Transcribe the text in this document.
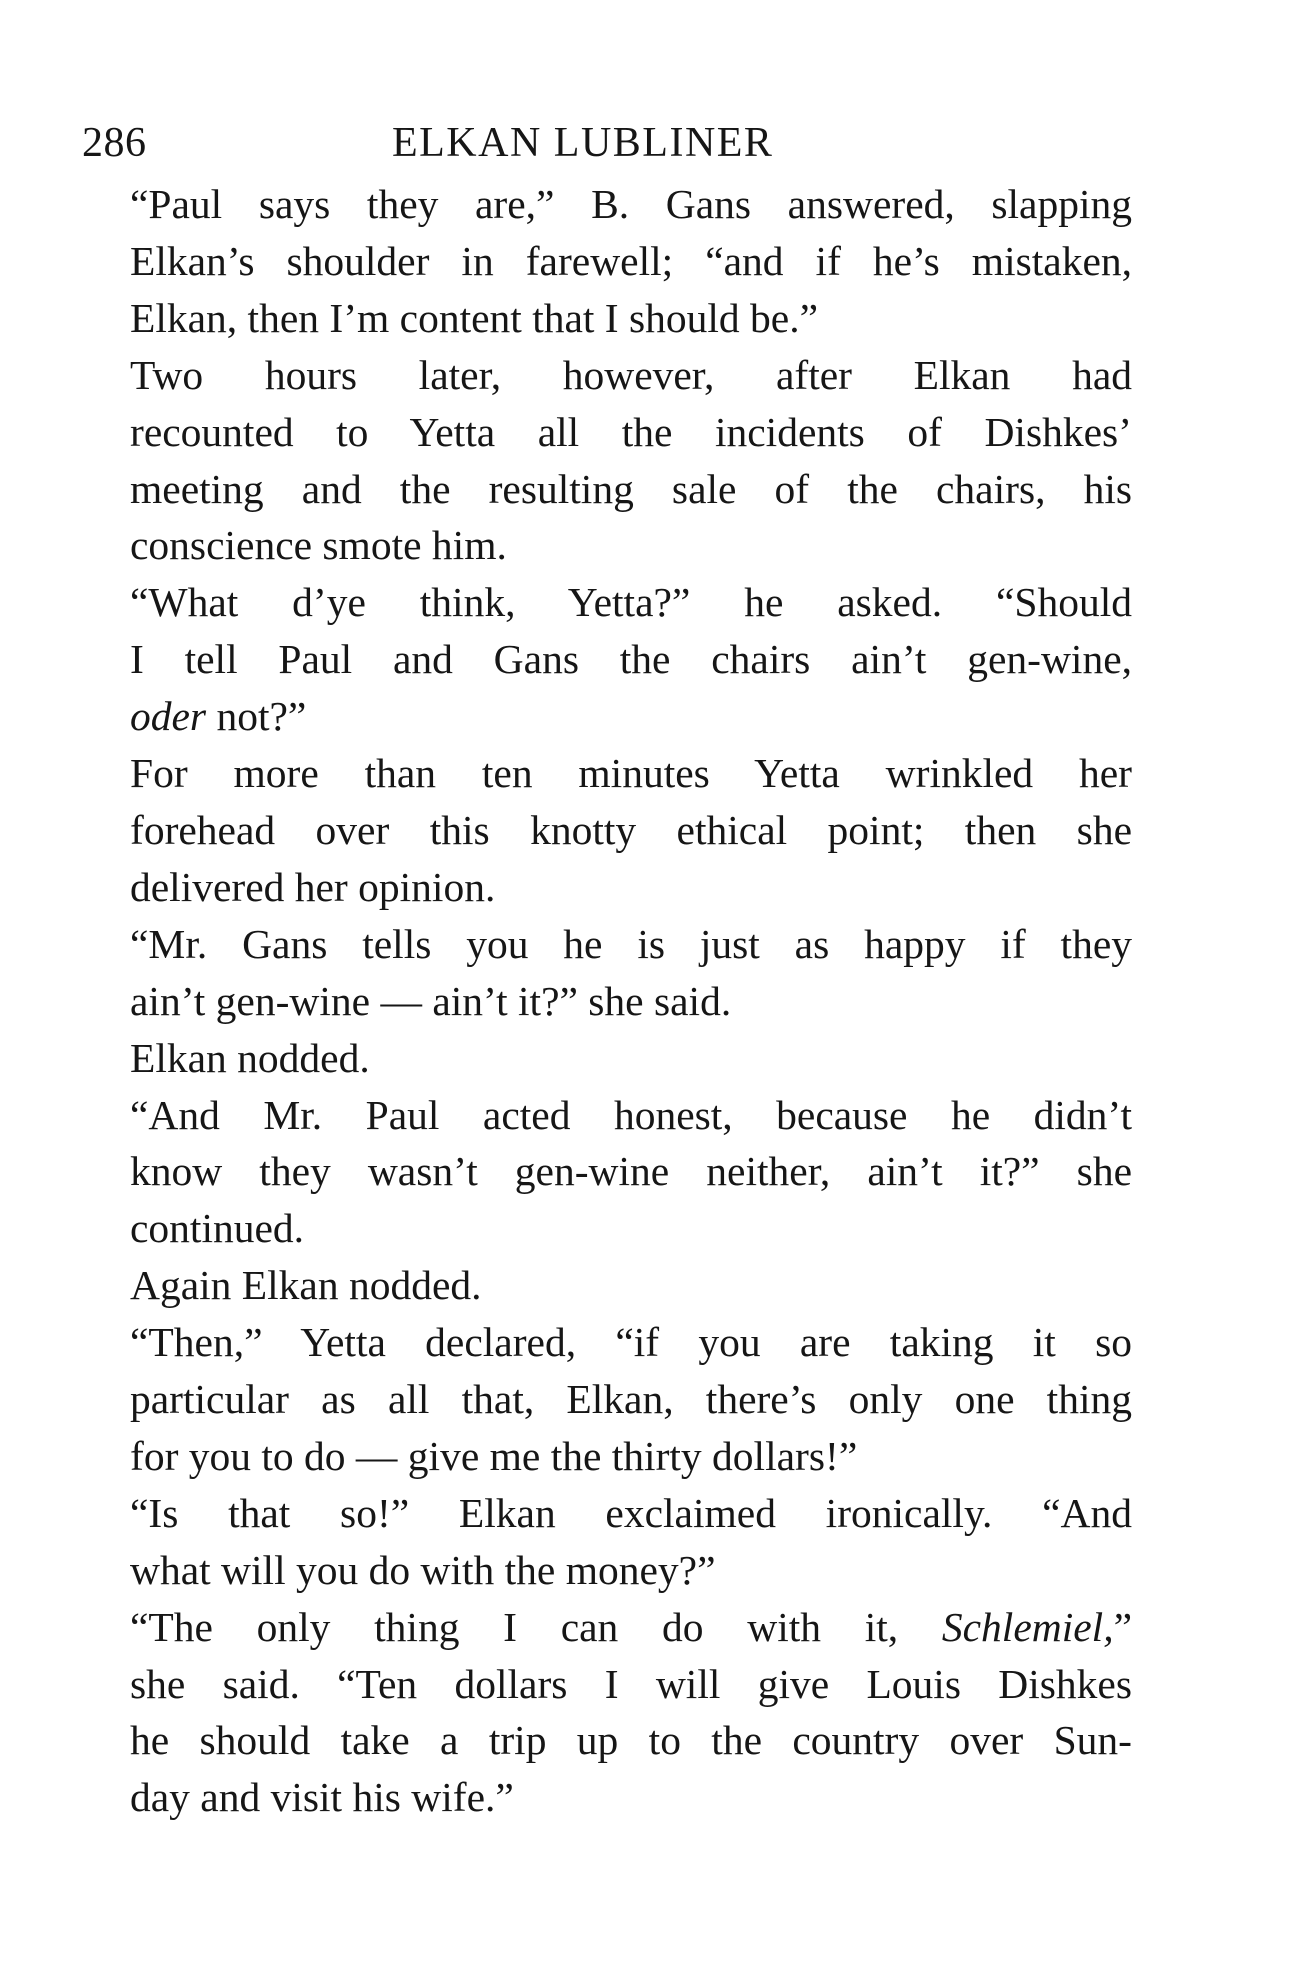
286	ELKAN LUBLINER

“Paul says they are,” B. Gans answered, slapping
Elkan’s shoulder in farewell; “and if he’s mistaken,
Elkan, then I’m content that I should be.”

Two hours later, however, after Elkan had
recounted to Yetta all the incidents of Dishkes’
meeting and the resulting sale of the chairs, his
conscience smote him.

“What d’ye think, Yetta?” he asked. “Should
I tell Paul and Gans the chairs ain’t gen-wine,
oder not?”

For more than ten minutes Yetta wrinkled her
forehead over this knotty ethical point; then she
delivered her opinion.

“Mr. Gans tells you he is just as happy if they
ain’t gen-wine — ain’t it?” she said.

Elkan nodded.

“And Mr. Paul acted honest, because he didn’t
know they wasn’t gen-wine neither, ain’t it?” she
continued.

Again Elkan nodded.

“Then,” Yetta declared, “if you are taking it so
particular as all that, Elkan, there’s only one thing
for you to do — give me the thirty dollars!”

“Is that so!” Elkan exclaimed ironically. “And
what will you do with the money?”

“The only thing I can do with it, Schlemiel,”
she said. “Ten dollars I will give Louis Dishkes
he should take a trip up to the country over Sun-
day and visit his wife.”
